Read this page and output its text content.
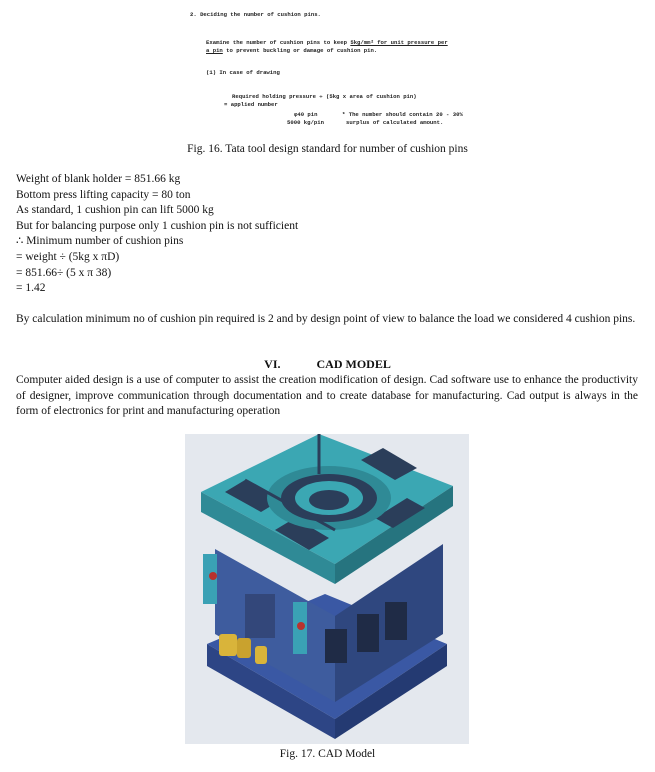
2. Deciding the number of cushion pins.
Examine the number of cushion pins to keep 5kg/mm² for unit pressure per
a pin to prevent buckling or damage of cushion pin.
(1) In case of drawing
Required holding pressure ÷ (5kg x area of cushion pin)
= applied number
φ40 pin	* The number should contain 20 - 30%
5000 kg/pin	surplus of calculated amount.
Fig. 16. Tata tool design standard for number of cushion pins
Weight of blank holder = 851.66 kg
Bottom press lifting capacity = 80 ton
As standard, 1 cushion pin can lift 5000 kg
But for balancing purpose only 1 cushion pin is not sufficient
∴ Minimum number of cushion pins
= weight ÷ (5kg x πD)
= 851.66÷ (5 x π 38)
= 1.42
By calculation minimum no of cushion pin required is 2 and by design point of view to balance the load we considered 4 cushion pins.
VI.	CAD MODEL
Computer aided design is a use of computer to assist the creation modification of design. Cad software use to enhance the productivity of designer, improve communication through documentation and to create database for manufacturing. Cad output is always in the form of electronics for print and manufacturing operation
Fig. 17. CAD Model
